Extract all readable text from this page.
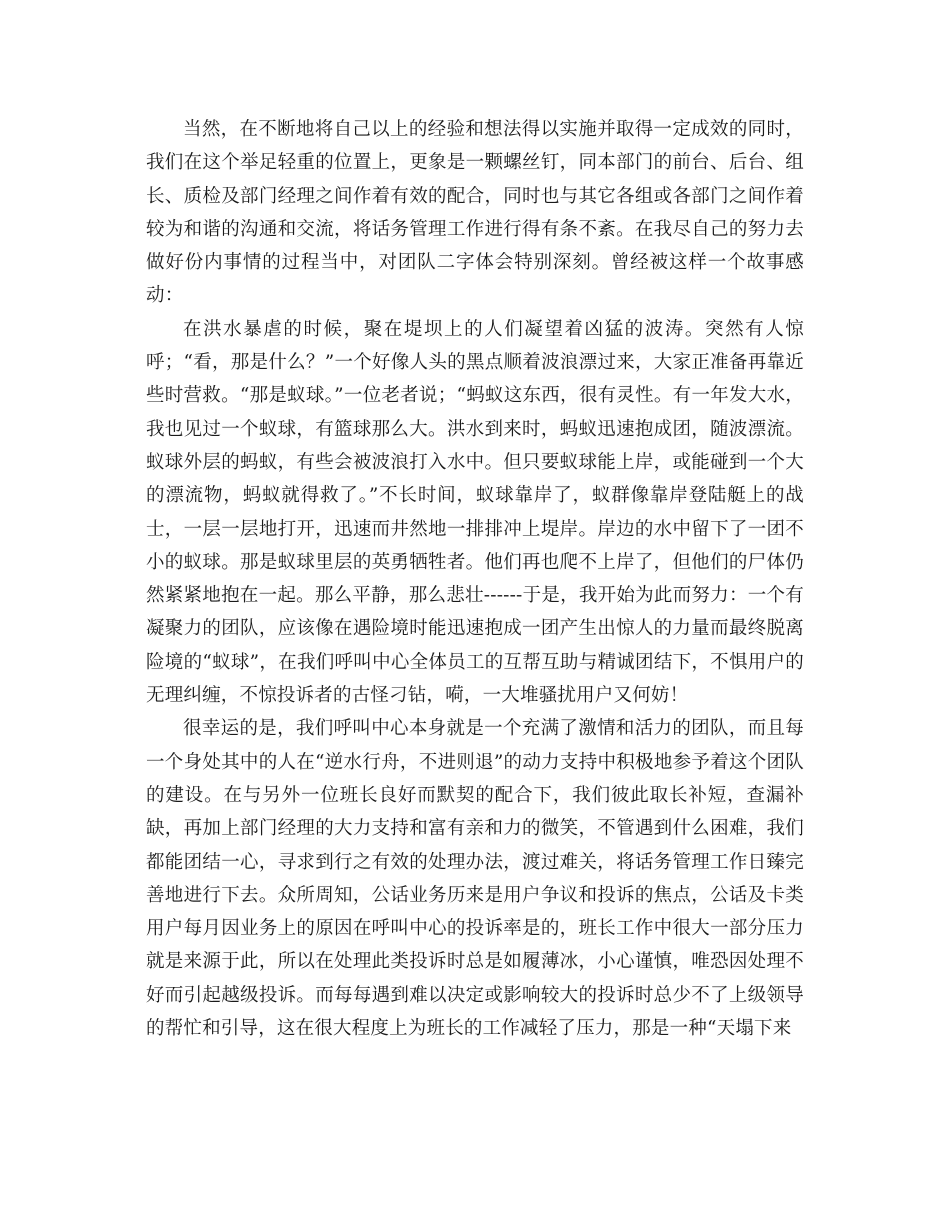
当然，在不断地将自己以上的经验和想法得以实施并取得一定成效的同时，我们在这个举足轻重的位置上，更象是一颗螺丝钉，同本部门的前台、后台、组长、质检及部门经理之间作着有效的配合，同时也与其它各组或各部门之间作着较为和谐的沟通和交流，将话务管理工作进行得有条不紊。在我尽自己的努力去做好份内事情的过程当中，对团队二字体会特别深刻。曾经被这样一个故事感动：

在洪水暴虐的时候，聚在堤坝上的人们凝望着凶猛的波涛。突然有人惊呼；“看，那是什么？”一个好像人头的黑点顺着波浪漂过来，大家正准备再靠近些时营救。“那是蚁球。”一位老者说；“蚂蚁这东西，很有灵性。有一年发大水，我也见过一个蚁球，有篮球那么大。洪水到来时，蚂蚁迅速抱成团，随波漂流。蚁球外层的蚂蚁，有些会被波浪打入水中。但只要蚁球能上岸，或能碰到一个大的漂流物，蚂蚁就得救了。”不长时间，蚁球靠岸了，蚁群像靠岸登陆艇上的战士，一层一层地打开，迅速而井然地一排排冲上堤岸。岸边的水中留下了一团不小的蚁球。那是蚁球里层的英勇牺牲者。他们再也爬不上岸了，但他们的尸体仍然紧紧地抱在一起。那么平静，那么悲壮------于是，我开始为此而努力：一个有凝聚力的团队，应该像在遇险境时能迅速抱成一团产生出惊人的力量而最终脱离险境的“蚁球”，在我们呼叫中心全体员工的互帮互助与精诚团结下，不惧用户的无理纠缠，不惊投诉者的古怪刁钻，嗬，一大堆骚扰用户又何妨！

很幸运的是，我们呼叫中心本身就是一个充满了激情和活力的团队，而且每一个身处其中的人在“逆水行舟，不进则退”的动力支持中积极地参予着这个团队的建设。在与另外一位班长良好而默契的配合下，我们彼此取长补短，查漏补缺，再加上部门经理的大力支持和富有亲和力的微笑，不管遇到什么困难，我们都能团结一心，寻求到行之有效的处理办法，渡过难关，将话务管理工作日臻完善地进行下去。众所周知，公话业务历来是用户争议和投诉的焦点，公话及卡类用户每月因业务上的原因在呼叫中心的投诉率是的，班长工作中很大一部分压力就是来源于此，所以在处理此类投诉时总是如履薄冰，小心谨慎，唯恐因处理不好而引起越级投诉。而每每遇到难以决定或影响较大的投诉时总少不了上级领导的帮忙和引导，这在很大程度上为班长的工作减轻了压力，那是一种“天塌下来
